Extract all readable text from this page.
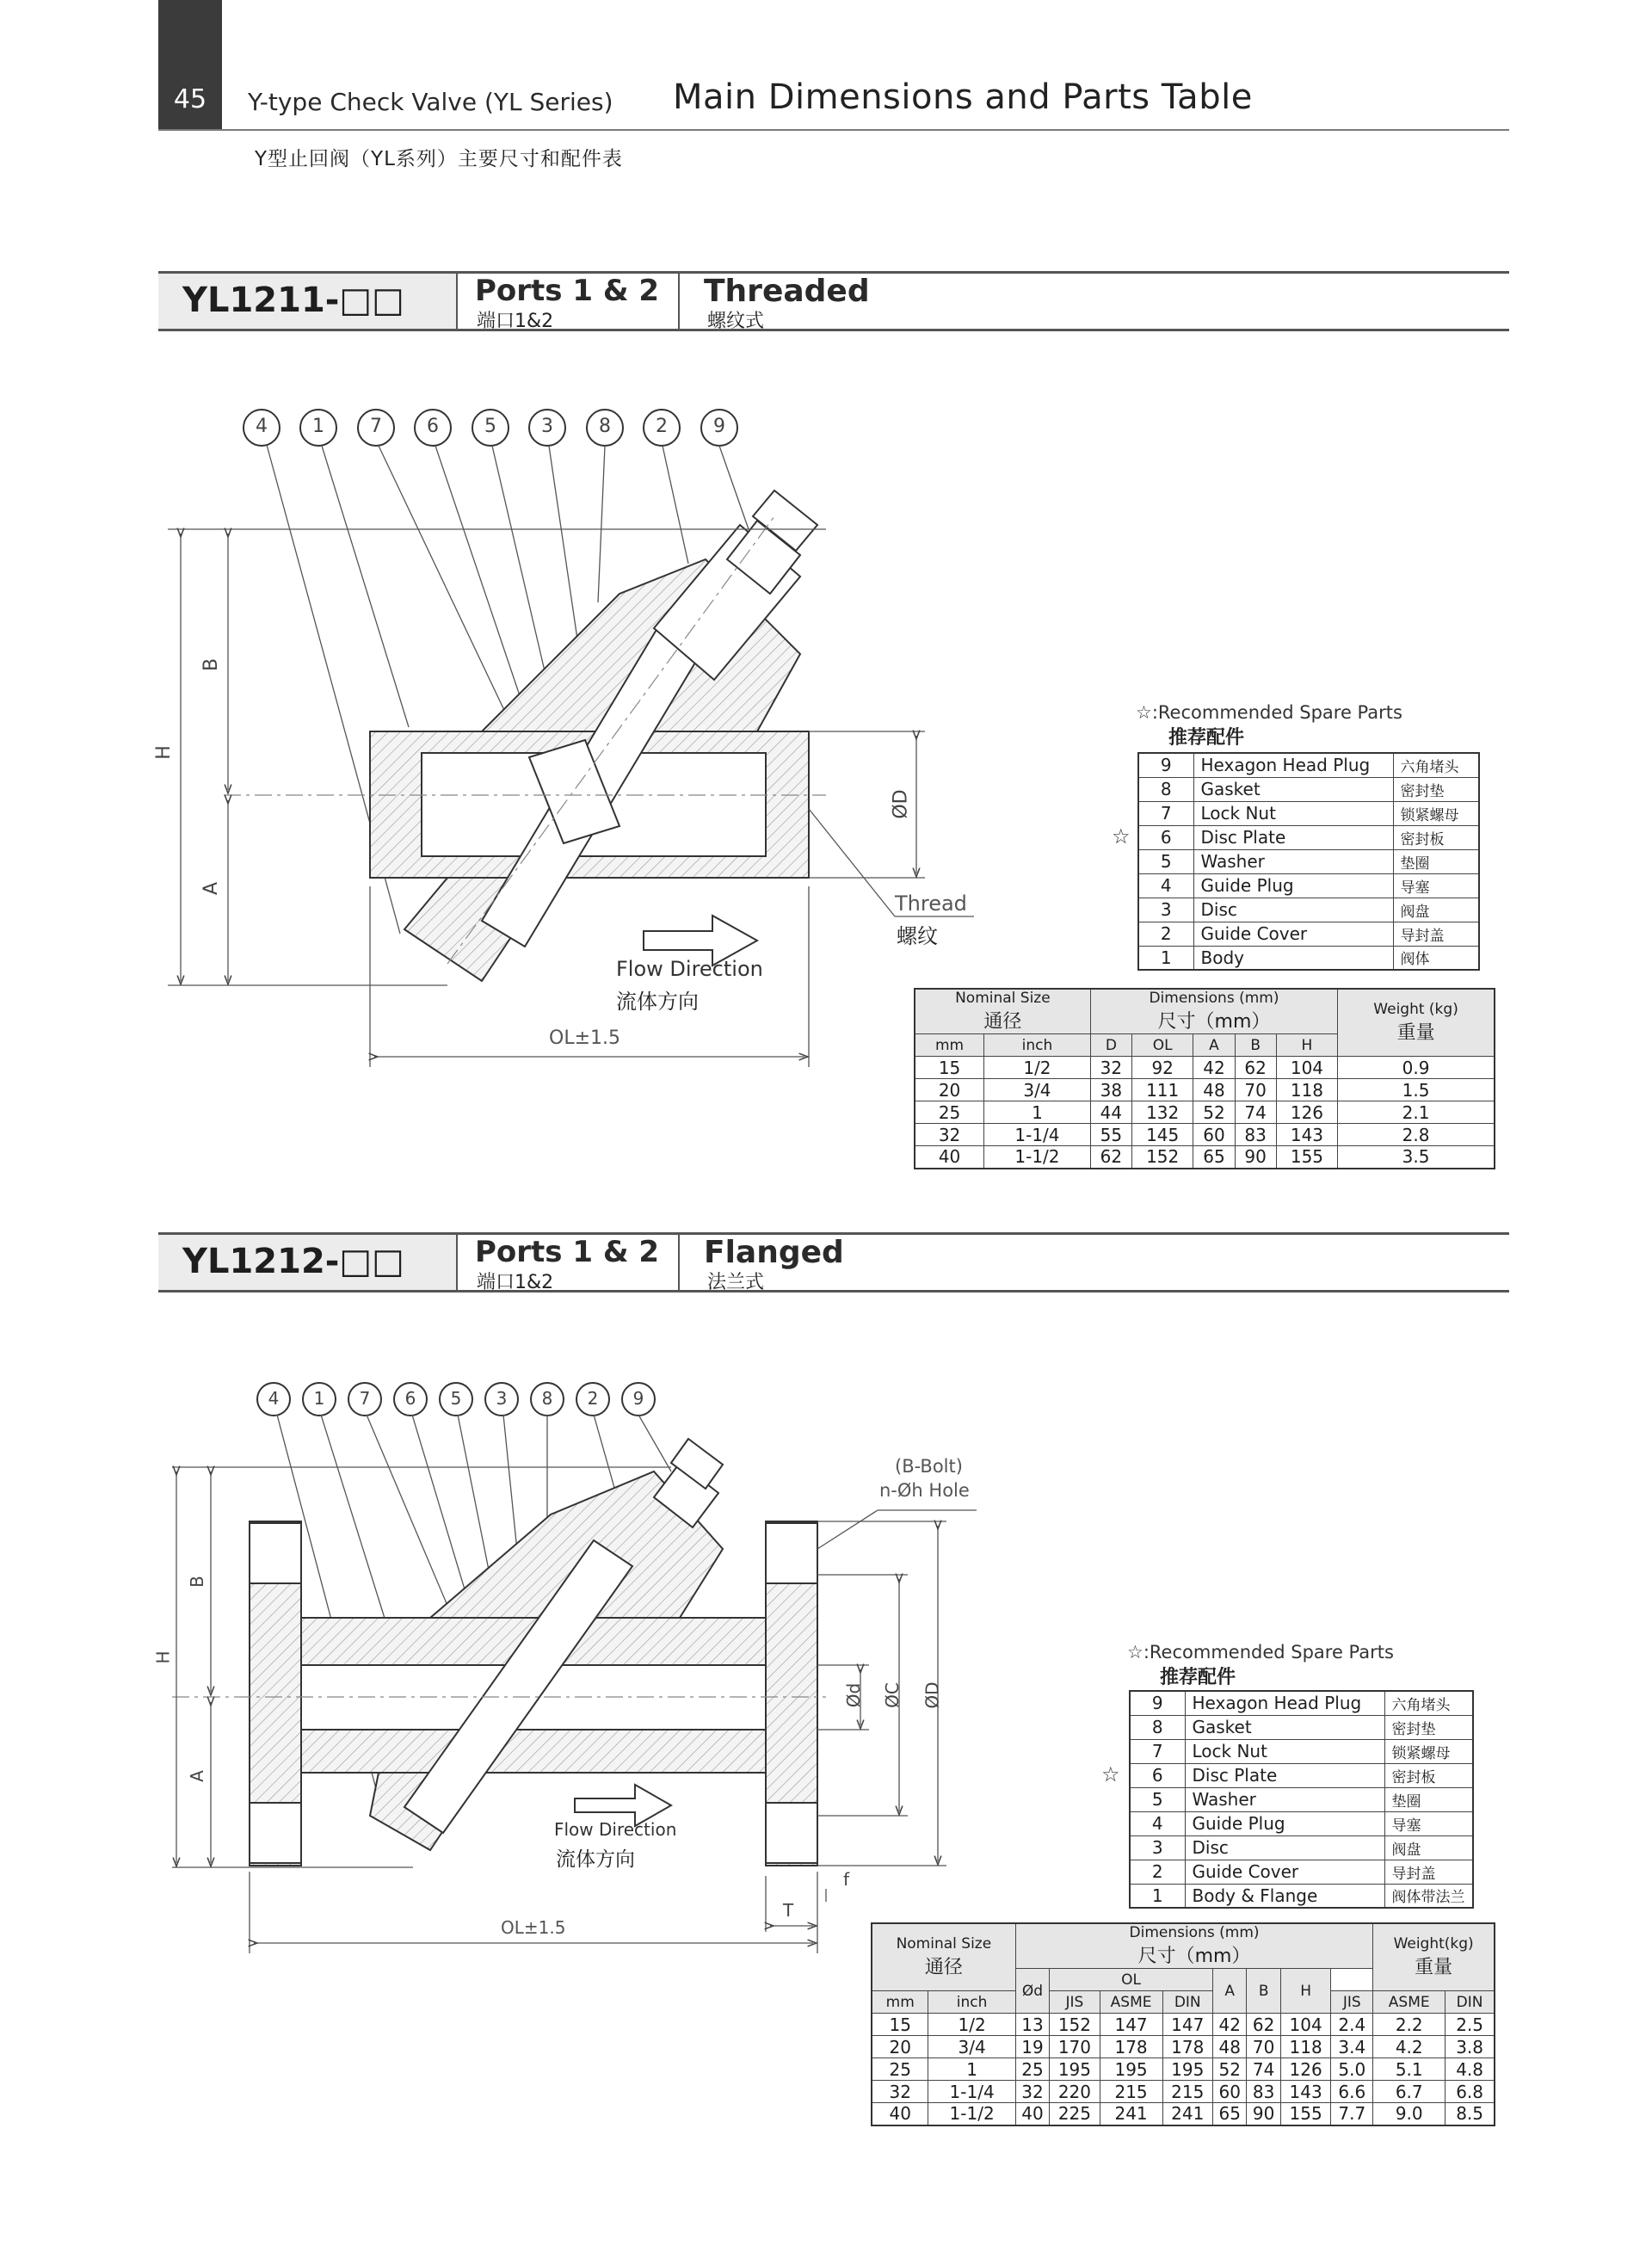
45	Y-type Check Valve (YL Series) Main Dimensions and Parts Table
Y型止回阀（YL系列）主要尺寸和配件表
YL1211-□□ Ports 1 & 2
端口1&2
Threaded
螺纹式
YL1212-□□ Ports 1 & 2
端口1&2
Flanged
法兰式
4	1	7	6	5	3	8	2	9
4	1	7	6	5	3	8	2	9
H
B
A
ØD
OL±1.5
Thread
螺纹
Flow Direction
流体方向
H
B
A
Ød ØC ØD
OL±1.5
T
f
(B-Bolt)
n-Øh Hole
Flow Direction
流体方向
☆:Recommended Spare Parts
推荐配件
☆
9	Hexagon Head Plug	六角堵头
8	Gasket	密封垫
7	Lock Nut	锁紧螺母
6	Disc Plate	密封板
5	Washer	垫圈
4	Guide Plug	导塞
3	Disc	阀盘
2	Guide Cover	导封盖
1	Body	阀体
Nominal Size
通径		Dimensions (mm)
尺寸（mm）					Weight (kg)
重量

mm	inch	D	OL	A	B	H	
15	1/2	32	92	42	62	104	0.9
20	3/4	38	111	48	70	118	1.5
25	1	44	132	52	74	126	2.1
32	1-1/4	55	145	60	83	143	2.8
40	1-1/2	62	152	65	90	155	3.5
☆:Recommended Spare Parts
推荐配件
☆
9	Hexagon Head Plug	六角堵头
8	Gasket	密封垫
7	Lock Nut	锁紧螺母
6	Disc Plate	密封板
5	Washer	垫圈
4	Guide Plug	导塞
3	Disc	阀盘
2	Guide Cover	导封盖
1	Body & Flange	阀体带法兰
Nominal Size
通径		Dimensions (mm)
尺寸（mm）								Weight(kg)
重量	

		Ød	OL			A	B	H			
mm	inch		JIS	ASME	DIN				JIS	ASME	DIN
15	1/2	13	152	147	147	42	62	104	2.4	2.2	2.5
20	3/4	19	170	178	178	48	70	118	3.4	4.2	3.8
25	1	25	195	195	195	52	74	126	5.0	5.1	4.8
32	1-1/4	32	220	215	215	60	83	143	6.6	6.7	6.8
40	1-1/2	40	225	241	241	65	90	155	7.7	9.0	8.5
